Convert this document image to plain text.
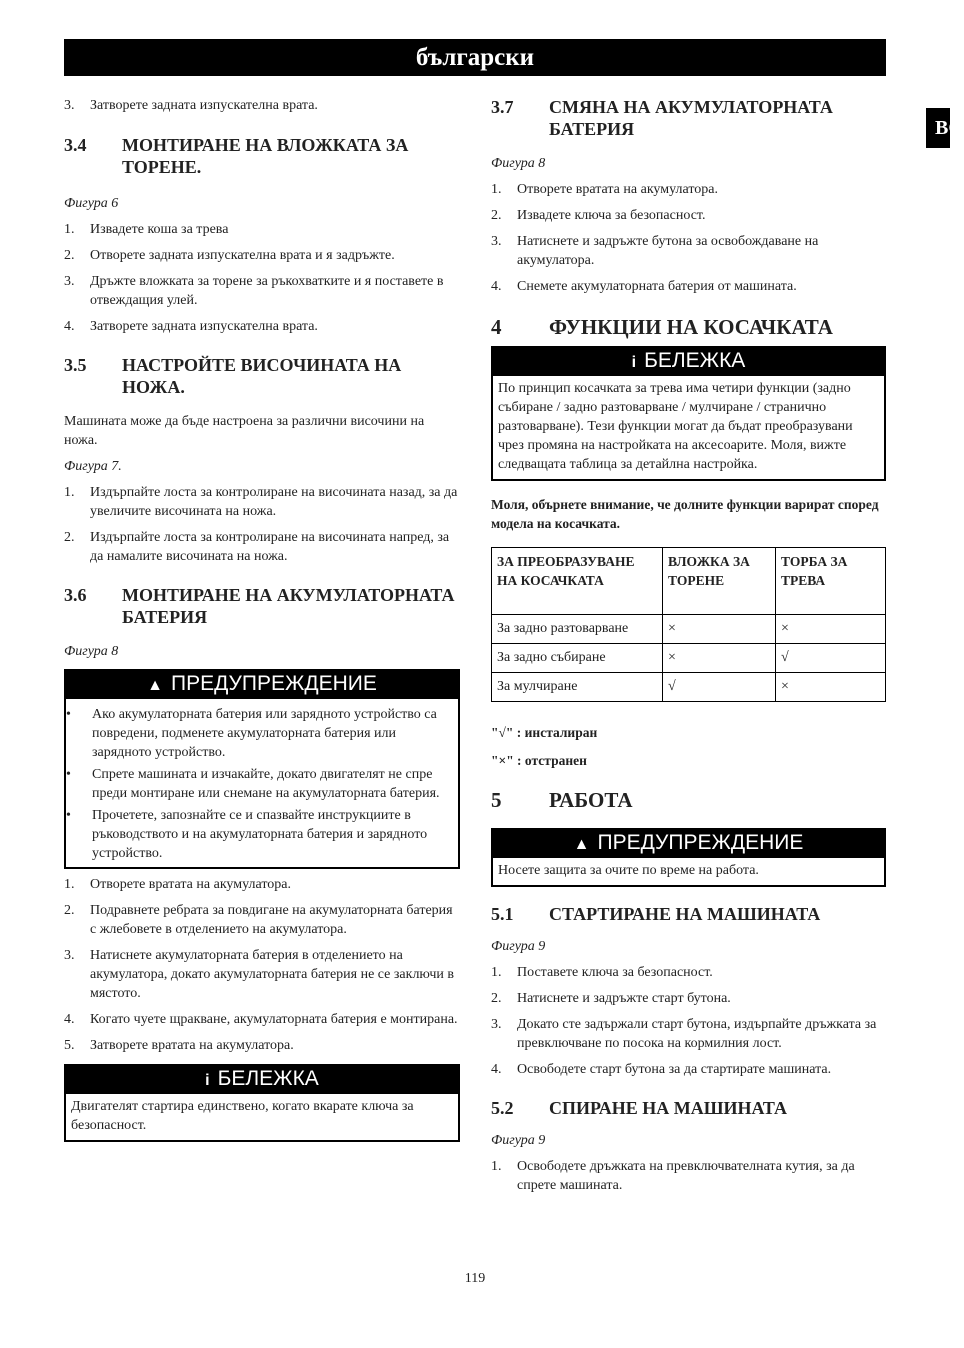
български
BG
3. Затворете задната изпускателна врата.
3.4 МОНТИРАНЕ НА ВЛОЖКАТА ЗА ТОРЕНЕ.

Фигура 6

1. Извадете коша за трева
2. Отворете задната изпускателна врата и я задръжте.
3. Дръжте вложката за торене за ръкохватките и я поставете в отвеждащия улей.
4. Затворете задната изпускателна врата.
3.5 НАСТРОЙТЕ ВИСОЧИНАТА НА НОЖА.

Машината може да бъде настроена за различни височини на ножа.

Фигура 7.

1. Издърпайте лоста за контролиране на височината назад, за да увеличите височината на ножа.
2. Издърпайте лоста за контролиране на височината напред, за да намалите височината на ножа.
3.6 МОНТИРАНЕ НА АКУМУЛАТОРНАТА БАТЕРИЯ

Фигура 8

▲ ПРЕДУПРЕЖДЕНИЕ
• Ако акумулаторната батерия или зарядното устройство са повредени, подменете акумулаторната батерия или зарядното устройство.
• Спрете машината и изчакайте, докато двигателят не спре преди монтиране или снемане на акумулаторната батерия.
• Прочетете, запознайте се и спазвайте инструкциите в ръководството и на акумулаторната батерия и зарядното устройство.
1. Отворете вратата на акумулатора.
2. Подравнете ребрата за повдигане на акумулаторната батерия с жлебовете в отделението на акумулатора.
3. Натиснете акумулаторната батерия в отделението на акумулатора, докато акумулаторната батерия не се заключи в мястото.
4. Когато чуете щракване, акумулаторната батерия е монтирана.
5. Затворете вратата на акумулатора.
i БЕЛЕЖКА
Двигателят стартира единствено, когато вкарате ключа за безопасност.
3.7 СМЯНА НА АКУМУЛАТОРНАТА БАТЕРИЯ

Фигура 8

1. Отворете вратата на акумулатора.
2. Извадете ключа за безопасност.
3. Натиснете и задръжте бутона за освобождаване на акумулатора.
4. Снемете акумулаторната батерия от машината.
4 ФУНКЦИИ НА КОСАЧКАТА
i БЕЛЕЖКА
По принцип косачката за трева има четири функции (задно събиране / задно разтоварване / мулчиране / странично разтоварване). Тези функции могат да бъдат преобразувани чрез промяна на настройката на аксесоарите. Моля, вижте следващата таблица за детайлна настройка.

Моля, обърнете внимание, че долните функции варират според модела на косачката.

ЗА ПРЕОБРАЗУВАНЕ НА КОСАЧКАТА	ВЛОЖКА ЗА ТОРЕНЕ	ТОРБА ЗА ТРЕВА
За задно разтоварване	×	×
За задно събиране	×	√
За мулчиране	√	×

"√" : инсталиран

"×" : отстранен

5 РАБОТА
▲ ПРЕДУПРЕЖДЕНИЕ
Носете защита за очите по време на работа.
5.1 СТАРТИРАНЕ НА МАШИНАТА

Фигура 9

1. Поставете ключа за безопасност.
2. Натиснете и задръжте старт бутона.
3. Докато сте задържали старт бутона, издърпайте дръжката за превключване по посока на кормилния лост.
4. Освободете старт бутона за да стартирате машината.
5.2 СПИРАНЕ НА МАШИНАТА

Фигура 9

1. Освободете дръжката на превключвателната кутия, за да спрете машината.
119
